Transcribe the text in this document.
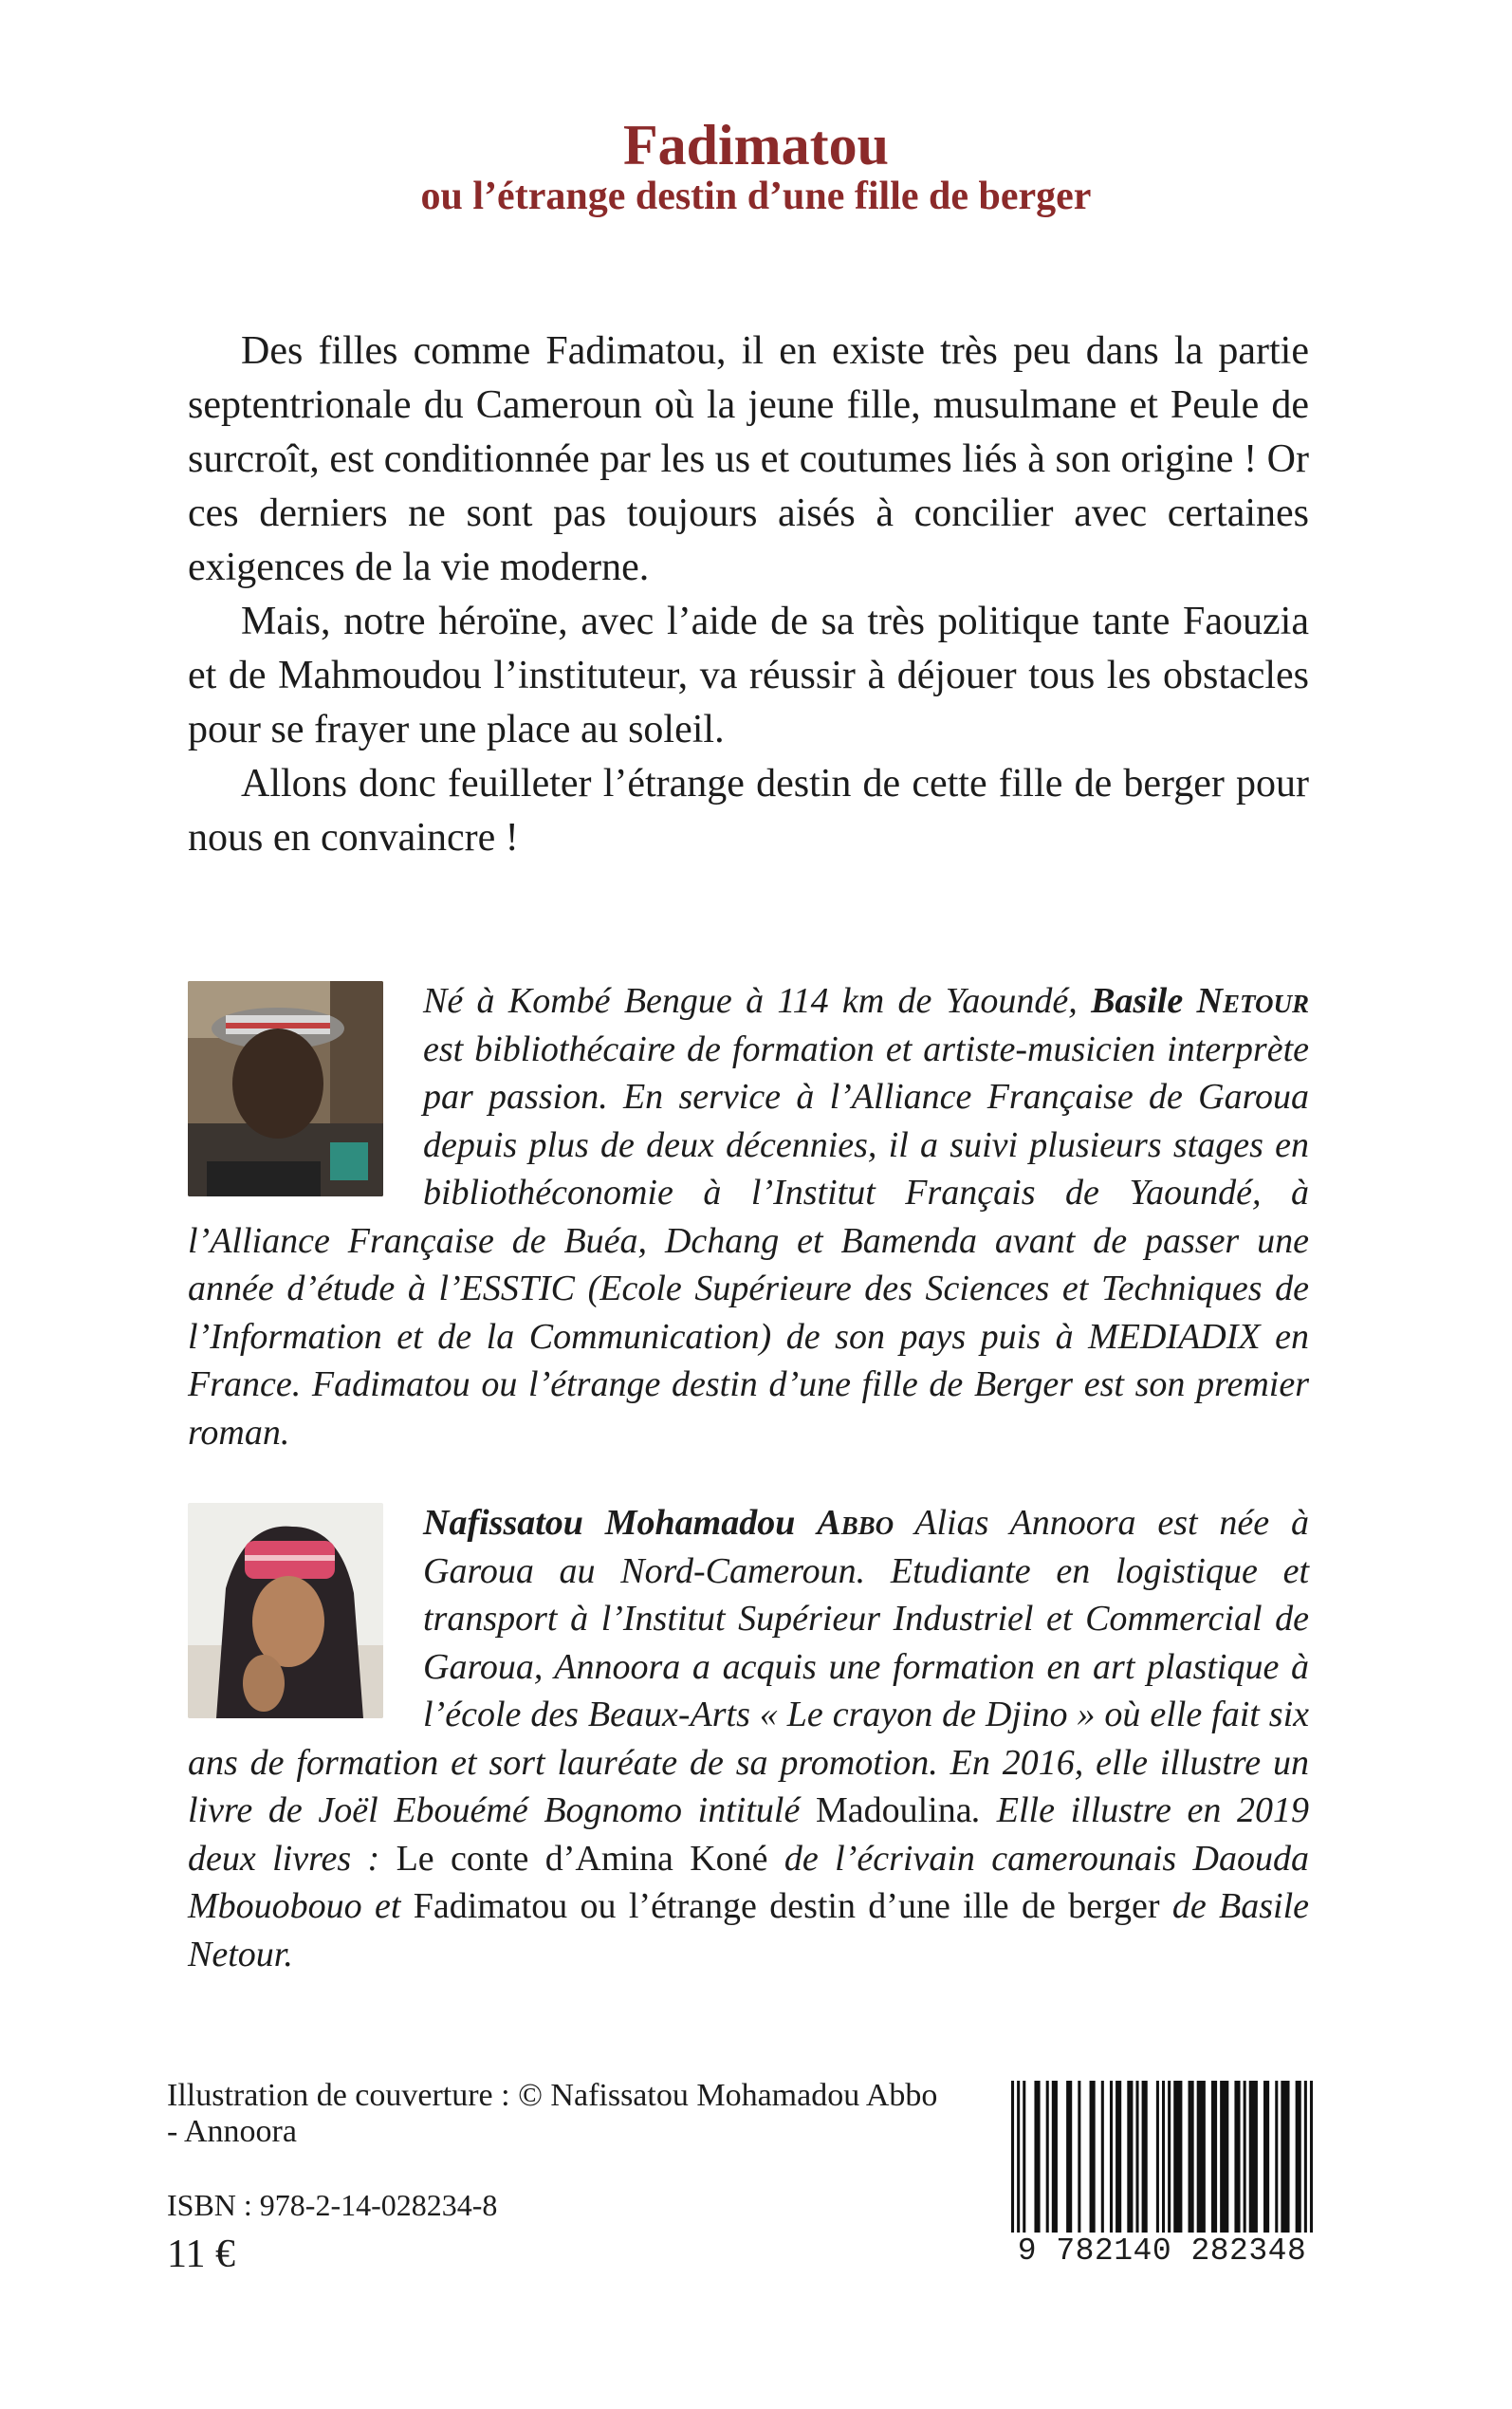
Fadimatou
ou l’étrange destin d’une fille de berger

Des filles comme Fadimatou, il en existe très peu dans la partie septentrionale du Cameroun où la jeune fille, musulmane et Peule de surcroît, est conditionnée par les us et coutumes liés à son origine ! Or ces derniers ne sont pas toujours aisés à concilier avec certaines exigences de la vie moderne.

Mais, notre héroïne, avec l’aide de sa très politique tante Faouzia et de Mahmoudou l’instituteur, va réussir à déjouer tous les obstacles pour se frayer une place au soleil.

Allons donc feuilleter l’étrange destin de cette fille de berger pour nous en convaincre !

Né à Kombé Bengue à 114 km de Yaoundé, Basile Netour est bibliothécaire de formation et artiste-musicien interprète par passion. En service à l’Alliance Française de Garoua depuis plus de deux décennies, il a suivi plusieurs stages en bibliothéconomie à l’Institut Français de Yaoundé, à l’Alliance Française de Buéa, Dchang et Bamenda avant de passer une année d’étude à l’ESSTIC (Ecole Supérieure des Sciences et Techniques de l’Information et de la Communication) de son pays puis à MEDIADIX en France. Fadimatou ou l’étrange destin d’une fille de Berger est son premier roman.

Nafissatou Mohamadou Abbo Alias Annoora est née à Garoua au Nord-Cameroun. Etudiante en logistique et transport à l’Institut Supérieur Industriel et Commercial de Garoua, Annoora a acquis une formation en art plastique à l’école des Beaux-Arts « Le crayon de Djino » où elle fait six ans de formation et sort lauréate de sa promotion. En 2016, elle illustre un livre de Joël Ebouémé Bognomo intitulé Madoulina. Elle illustre en 2019 deux livres : Le conte d’Amina Koné de l’écrivain camerounais Daouda Mbouobouo et Fadimatou ou l’étrange destin d’une ille de berger de Basile Netour.

Illustration de couverture : © Nafissatou Mohamadou Abbo - Annoora
ISBN : 978-2-14-028234-8
11 €	9 782140 282348
